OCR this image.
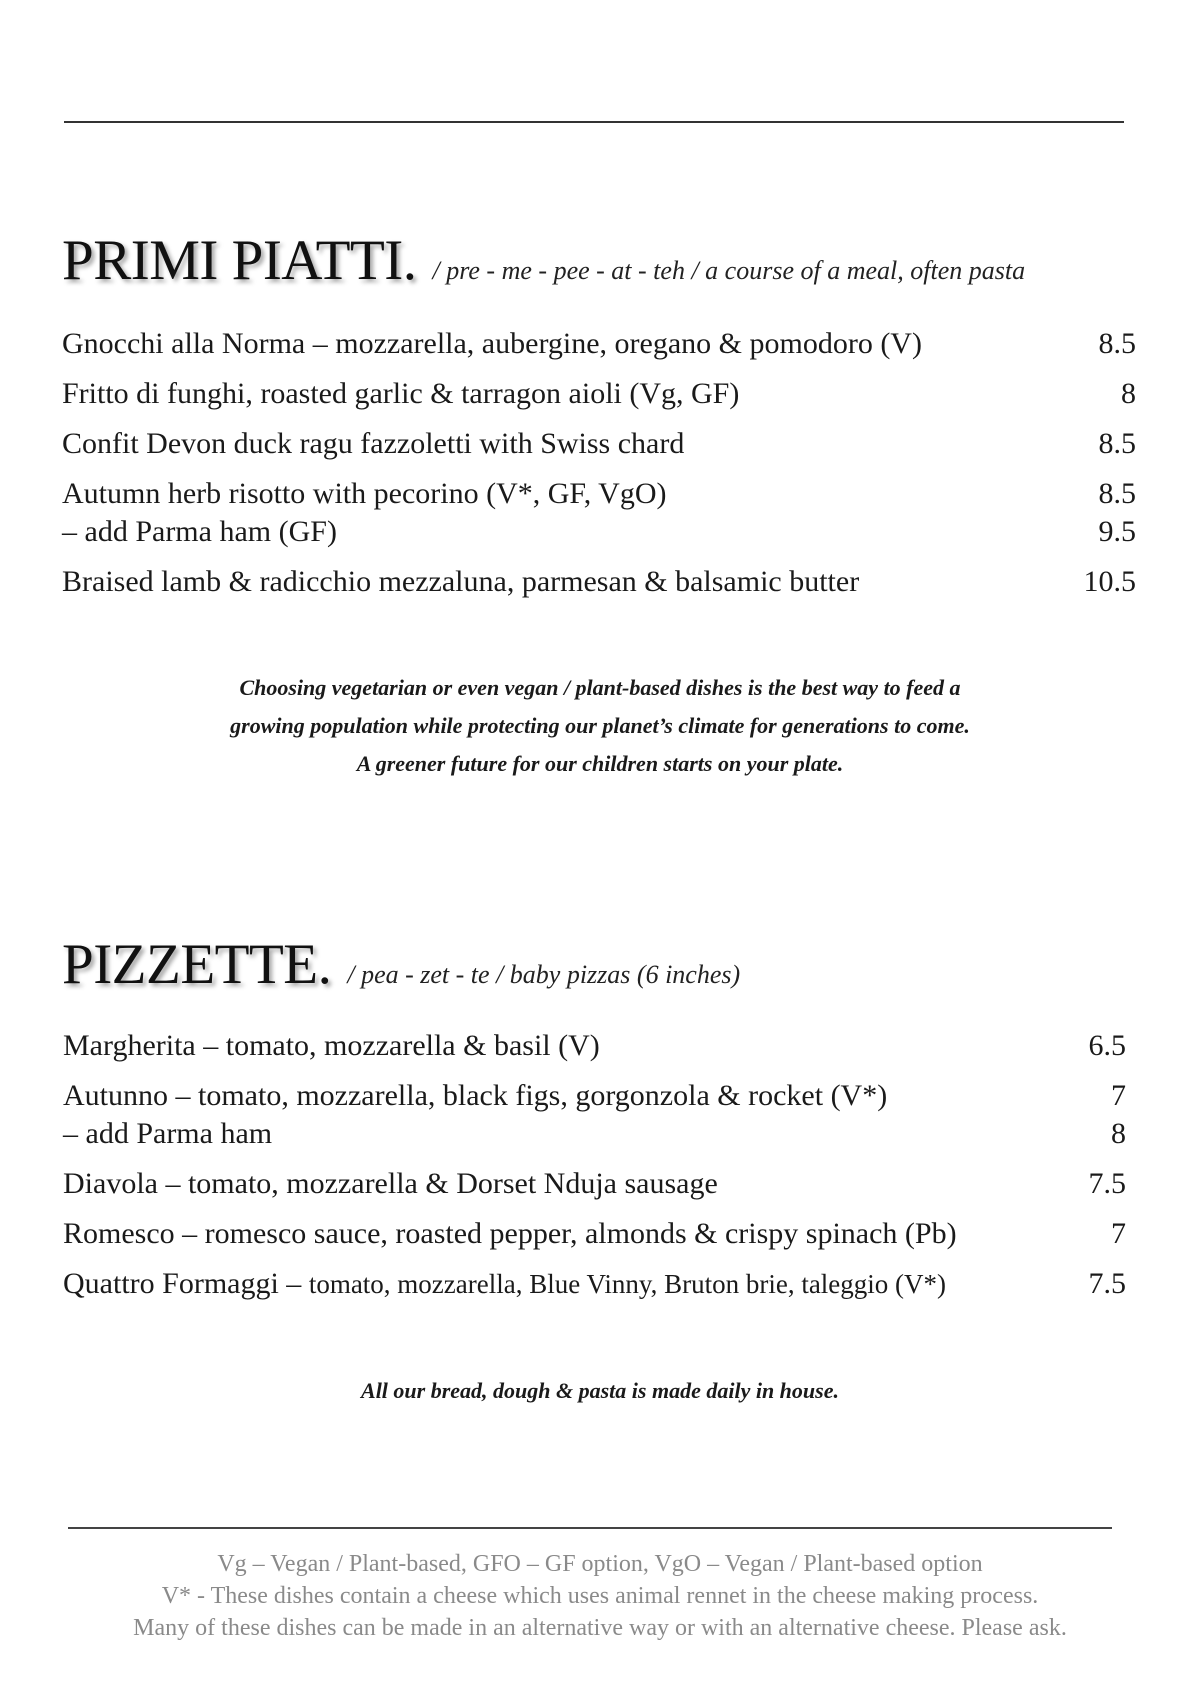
PRIMI PIATTI. / pre - me - pee - at - teh / a course of a meal, often pasta
Gnocchi alla Norma – mozzarella, aubergine, oregano & pomodoro (V)	8.5
Fritto di funghi, roasted garlic & tarragon aioli (Vg, GF)	8
Confit Devon duck ragu fazzoletti with Swiss chard	8.5
Autumn herb risotto with pecorino (V*, GF, VgO)	8.5
– add Parma ham (GF)	9.5
Braised lamb & radicchio mezzaluna, parmesan & balsamic butter	10.5
Choosing vegetarian or even vegan / plant-based dishes is the best way to feed a
growing population while protecting our planet’s climate for generations to come.
A greener future for our children starts on your plate.
PIZZETTE. / pea - zet - te / baby pizzas (6 inches)
Margherita – tomato, mozzarella & basil (V)	6.5
Autunno – tomato, mozzarella, black figs, gorgonzola & rocket (V*)	7
– add Parma ham	8
Diavola – tomato, mozzarella & Dorset Nduja sausage	7.5
Romesco – romesco sauce, roasted pepper, almonds & crispy spinach (Pb)	7
Quattro Formaggi – tomato, mozzarella, Blue Vinny, Bruton brie, taleggio (V*)	7.5
All our bread, dough & pasta is made daily in house.
Vg – Vegan / Plant-based, GFO – GF option, VgO – Vegan / Plant-based option
V* - These dishes contain a cheese which uses animal rennet in the cheese making process.
Many of these dishes can be made in an alternative way or with an alternative cheese. Please ask.
